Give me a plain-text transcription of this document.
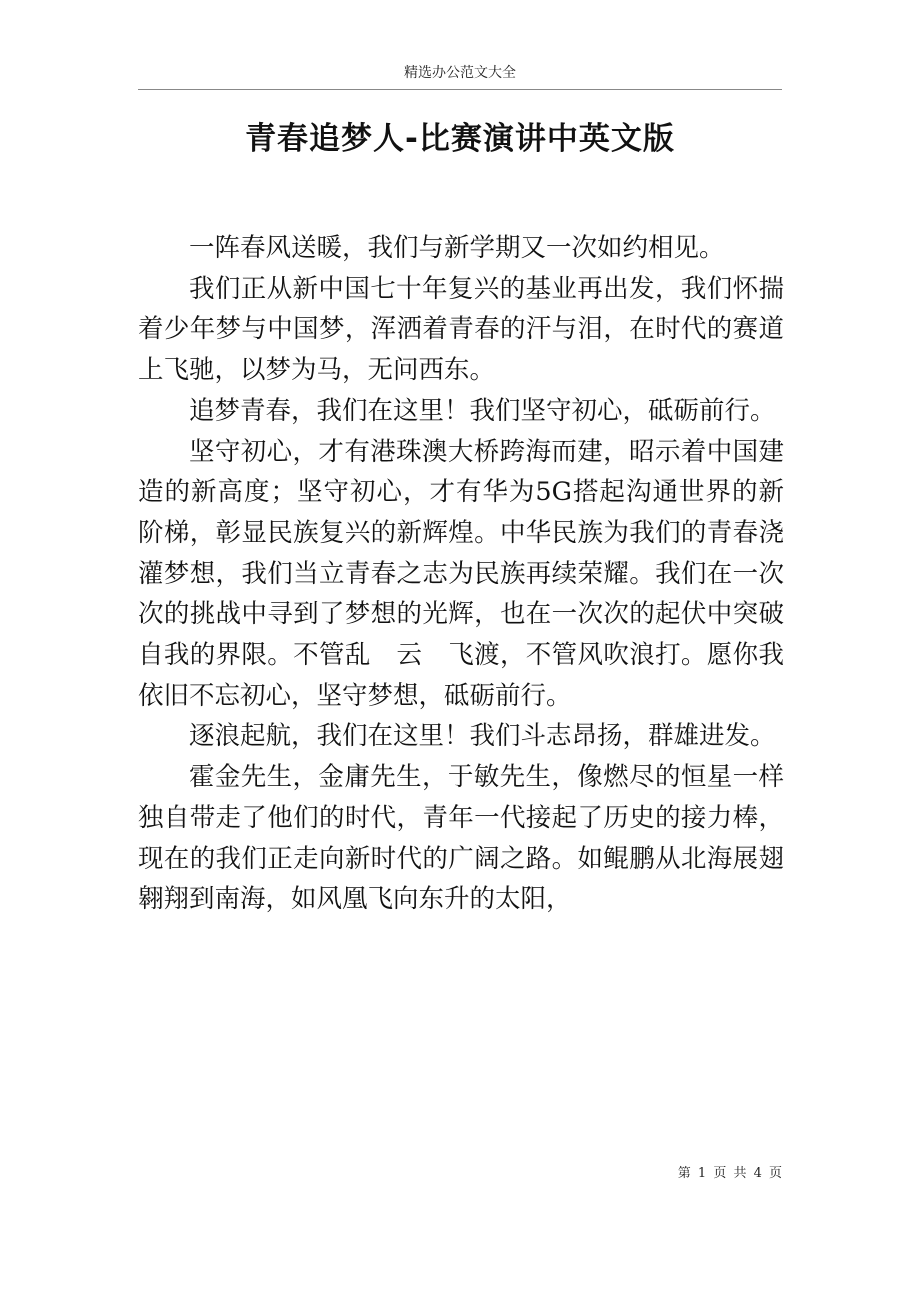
精选办公范文大全
青春追梦人-比赛演讲中英文版

一阵春风送暖，我们与新学期又一次如约相见。

我们正从新中国七十年复兴的基业再出发，我们怀揣着少年梦与中国梦，浑洒着青春的汗与泪，在时代的赛道上飞驰，以梦为马，无问西东。

追梦青春，我们在这里！我们坚守初心，砥砺前行。

坚守初心，才有港珠澳大桥跨海而建，昭示着中国建造的新高度；坚守初心，才有华为5G搭起沟通世界的新阶梯，彰显民族复兴的新辉煌。中华民族为我们的青春浇灌梦想，我们当立青春之志为民族再续荣耀。我们在一次次的挑战中寻到了梦想的光辉，也在一次次的起伏中突破自我的界限。不管乱　云　飞渡，不管风吹浪打。愿你我依旧不忘初心，坚守梦想，砥砺前行。

逐浪起航，我们在这里！我们斗志昂扬，群雄进发。

霍金先生，金庸先生，于敏先生，像燃尽的恒星一样独自带走了他们的时代，青年一代接起了历史的接力棒，现在的我们正走向新时代的广阔之路。如鲲鹏从北海展翅翱翔到南海，如风凰飞向东升的太阳，

第 1 页 共 4 页
